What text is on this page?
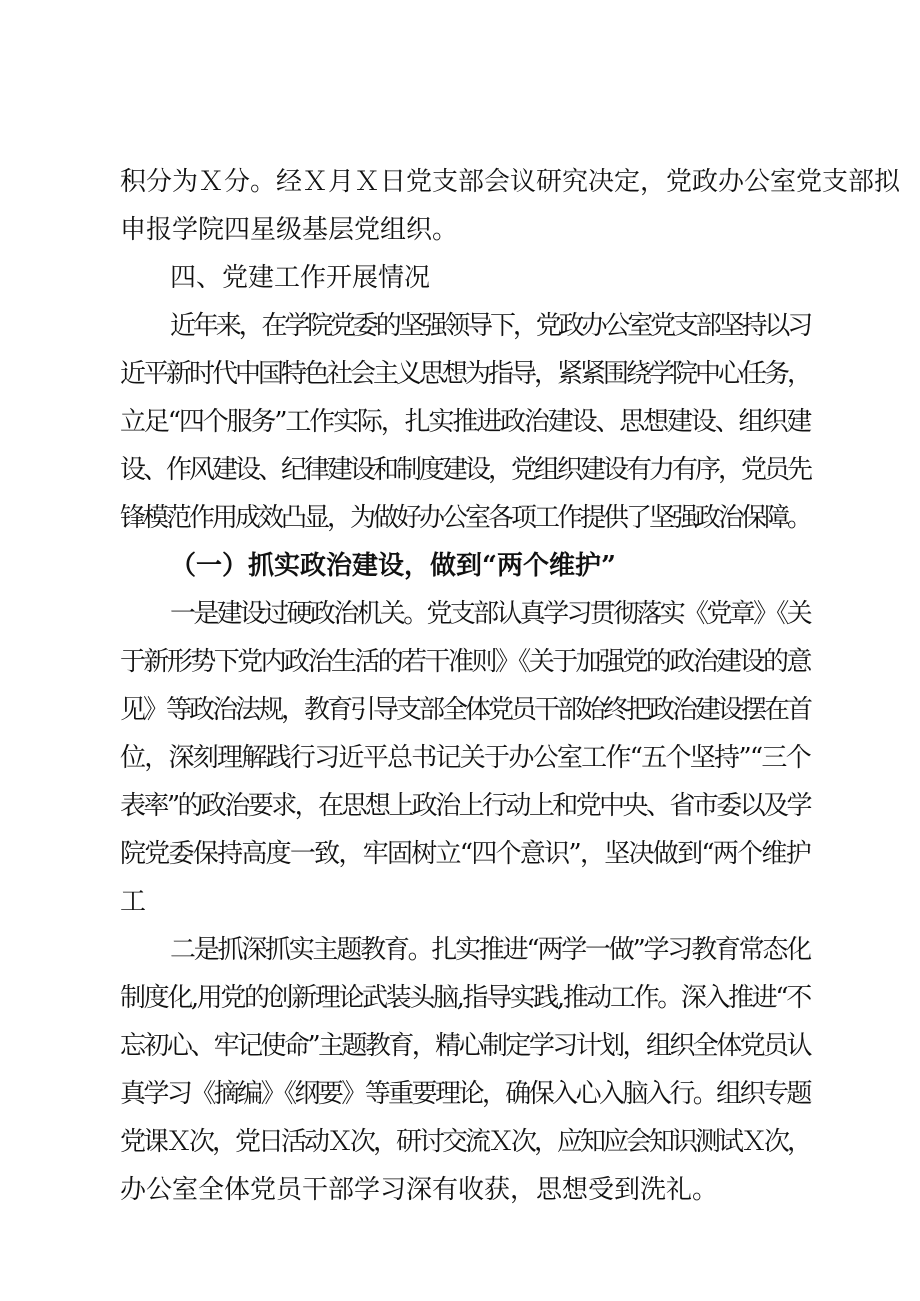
积分为Ｘ分。经Ｘ月Ｘ日党支部会议研究决定，党政办公室党支部拟
申报学院四星级基层党组织。
四、党建工作开展情况
近年来，在学院党委的坚强领导下，党政办公室党支部坚持以习
近平新时代中国特色社会主义思想为指导，紧紧围绕学院中心任务，
立足“四个服务”工作实际，扎实推进政治建设、思想建设、组织建
设、作风建设、纪律建设和制度建设，党组织建设有力有序，党员先
锋模范作用成效凸显，为做好办公室各项工作提供了坚强政治保障。
（一）抓实政治建设，做到“两个维护”
一是建设过硬政治机关。党支部认真学习贯彻落实《党章》《关
于新形势下党内政治生活的若干准则》《关于加强党的政治建设的意
见》等政治法规，教育引导支部全体党员干部始终把政治建设摆在首
位，深刻理解践行习近平总书记关于办公室工作“五个坚持”“三个
表率”的政治要求，在思想上政治上行动上和党中央、省市委以及学
院党委保持高度一致，牢固树立“四个意识”，坚决做到“两个维护
工
二是抓深抓实主题教育。扎实推进“两学一做”学习教育常态化
制度化,用党的创新理论武装头脑,指导实践,推动工作。深入推进“不
忘初心、牢记使命”主题教育，精心制定学习计划，组织全体党员认
真学习《摘编》《纲要》等重要理论，确保入心入脑入行。组织专题
党课Ｘ次，党日活动Ｘ次，研讨交流Ｘ次，应知应会知识测试Ｘ次，
办公室全体党员干部学习深有收获，思想受到洗礼。
